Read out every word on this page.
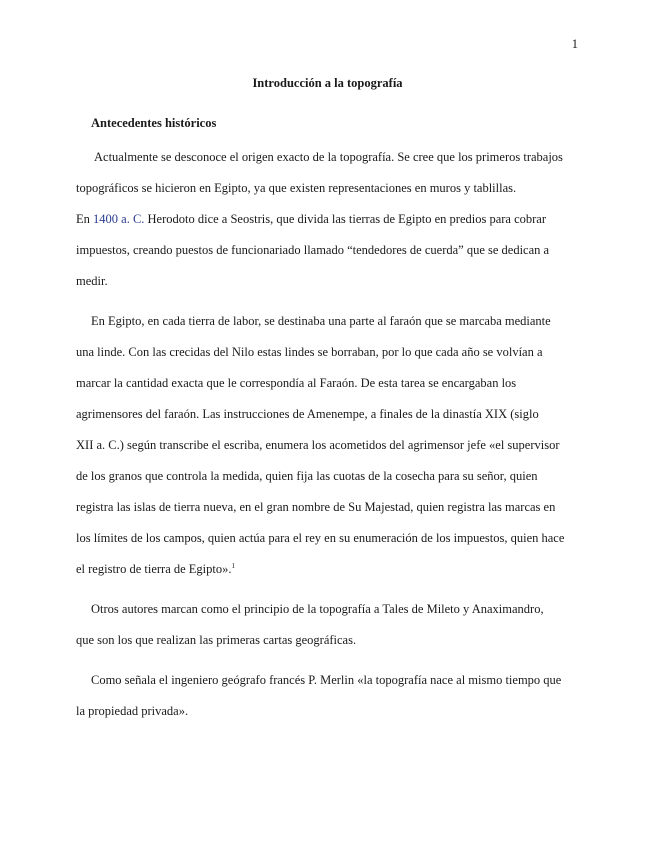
1
Introducción a la topografía
Antecedentes históricos

Actualmente se desconoce el origen exacto de la topografía. Se cree que los primeros trabajos
topográficos se hicieron en Egipto, ya que existen representaciones en muros y tablillas.

En 1400 a. C. Herodoto dice a Seostris, que divida las tierras de Egipto en predios para cobrar
impuestos, creando puestos de funcionariado llamado “tendedores de cuerda” que se dedican a
medir.

En Egipto, en cada tierra de labor, se destinaba una parte al faraón que se marcaba mediante
una linde. Con las crecidas del Nilo estas lindes se borraban, por lo que cada año se volvían a
marcar la cantidad exacta que le correspondía al Faraón. De esta tarea se encargaban los
agrimensores del faraón. Las instrucciones de Amenempe, a finales de la dinastía XIX (siglo
XII a. C.) según transcribe el escriba, enumera los acometidos del agrimensor jefe «el supervisor
de los granos que controla la medida, quien fija las cuotas de la cosecha para su señor, quien
registra las islas de tierra nueva, en el gran nombre de Su Majestad, quien registra las marcas en
los límites de los campos, quien actúa para el rey en su enumeración de los impuestos, quien hace
el registro de tierra de Egipto».$^1$

Otros autores marcan como el principio de la topografía a Tales de Mileto y Anaximandro,
que son los que realizan las primeras cartas geográficas.

Como señala el ingeniero geógrafo francés P. Merlin «la topografía nace al mismo tiempo que
la propiedad privada».
